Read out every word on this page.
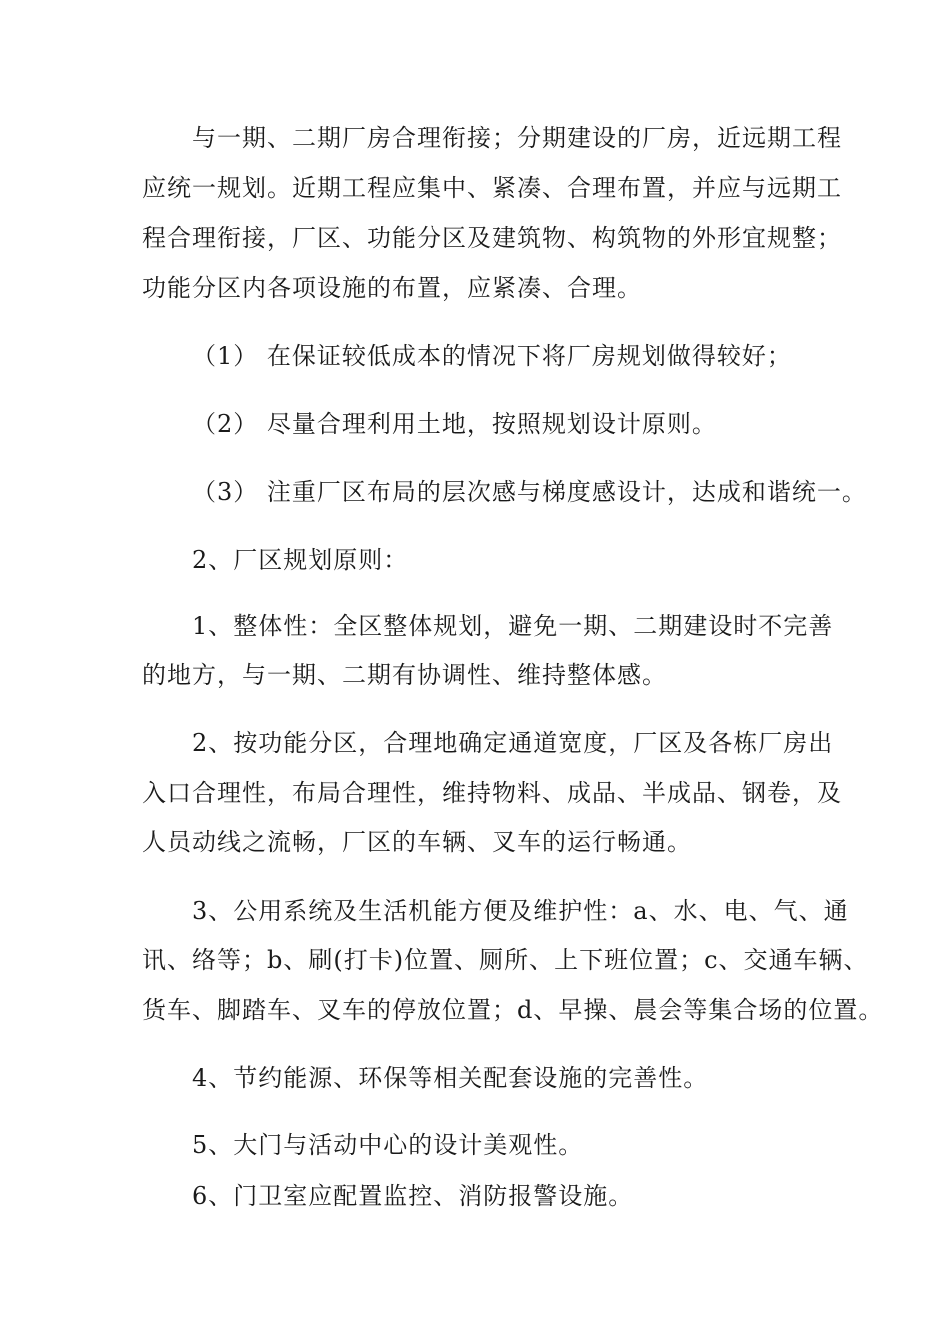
与一期、二期厂房合理衔接；分期建设的厂房，近远期工程
应统一规划。近期工程应集中、紧凑、合理布置，并应与远期工
程合理衔接，厂区、功能分区及建筑物、构筑物的外形宜规整；
功能分区内各项设施的布置，应紧凑、合理。
（1） 在保证较低成本的情况下将厂房规划做得较好；
（2） 尽量合理利用土地，按照规划设计原则。
（3） 注重厂区布局的层次感与梯度感设计，达成和谐统一。
2、厂区规划原则：
1、整体性：全区整体规划，避免一期、二期建设时不完善
的地方，与一期、二期有协调性、维持整体感。
2、按功能分区，合理地确定通道宽度，厂区及各栋厂房出
入口合理性，布局合理性，维持物料、成品、半成品、钢卷，及
人员动线之流畅，厂区的车辆、叉车的运行畅通。
3、公用系统及生活机能方便及维护性：a、水、电、气、通
讯、络等；b、刷(打卡)位置、厕所、上下班位置；c、交通车辆、
货车、脚踏车、叉车的停放位置；d、早操、晨会等集合场的位置。
4、节约能源、环保等相关配套设施的完善性。
5、大门与活动中心的设计美观性。
6、门卫室应配置监控、消防报警设施。
